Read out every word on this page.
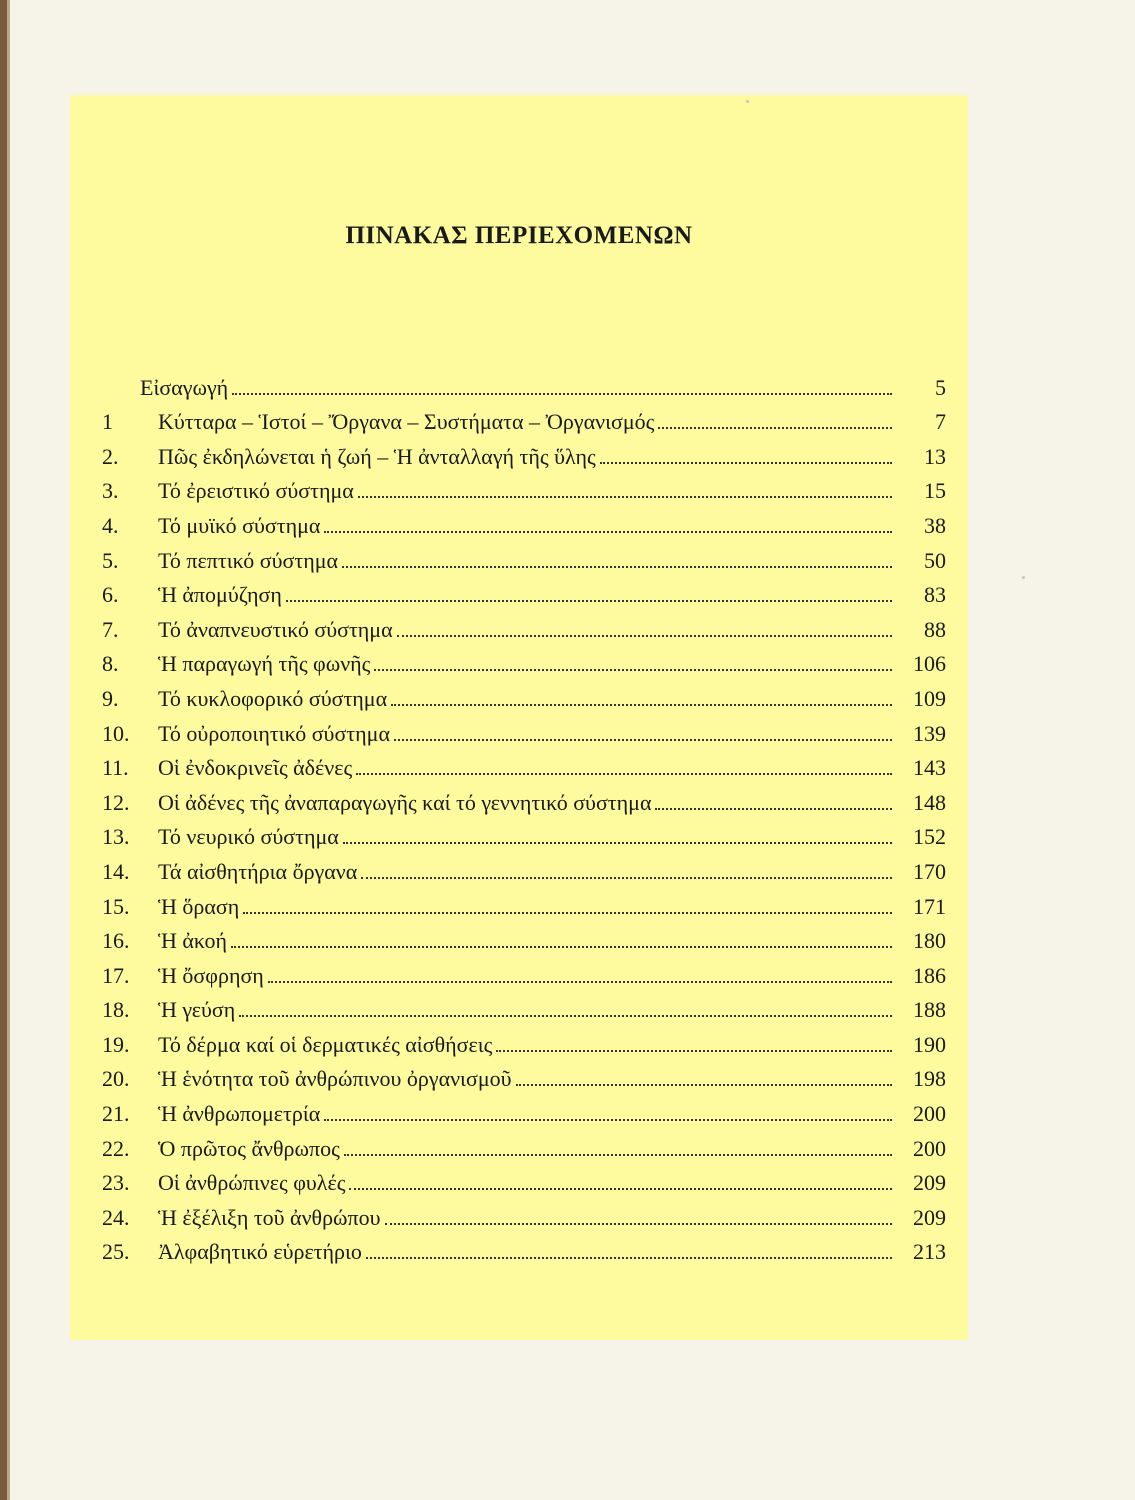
ΠΙΝΑΚΑΣ ΠΕΡΙΕΧΟΜΕΝΩΝ
Εἰσαγωγή	5
1	Κύτταρα – Ἱστοί – Ὄργανα – Συστήματα – Ὀργανισμός	7
2.	Πῶς ἐκδηλώνεται ἡ ζωή – Ἡ ἀνταλλαγή τῆς ὕλης	13
3.	Τό ἐρειστικό σύστημα	15
4.	Τό μυϊκό σύστημα	38
5.	Τό πεπτικό σύστημα	50
6.	Ἡ ἀπομύζηση	83
7.	Τό ἀναπνευστικό σύστημα	88
8.	Ἡ παραγωγή τῆς φωνῆς	106
9.	Τό κυκλοφορικό σύστημα	109
10.	Τό οὐροποιητικό σύστημα	139
11.	Οἱ ἐνδοκρινεῖς ἀδένες	143
12.	Οἱ ἀδένες τῆς ἀναπαραγωγῆς καί τό γεννητικό σύστημα	148
13.	Τό νευρικό σύστημα	152
14.	Τά αἰσθητήρια ὄργανα	170
15.	Ἡ ὅραση	171
16.	Ἡ ἀκοή	180
17.	Ἡ ὄσφρηση	186
18.	Ἡ γεύση	188
19.	Τό δέρμα καί οἱ δερματικές αἰσθήσεις	190
20.	Ἡ ἑνότητα τοῦ ἀνθρώπινου ὀργανισμοῦ	198
21.	Ἡ ἀνθρωπομετρία	200
22.	Ὁ πρῶτος ἄνθρωπος	200
23.	Οἱ ἀνθρώπινες φυλές	209
24.	Ἡ ἐξέλιξη τοῦ ἀνθρώπου	209
25.	Ἀλφαβητικό εὑρετήριο	213
